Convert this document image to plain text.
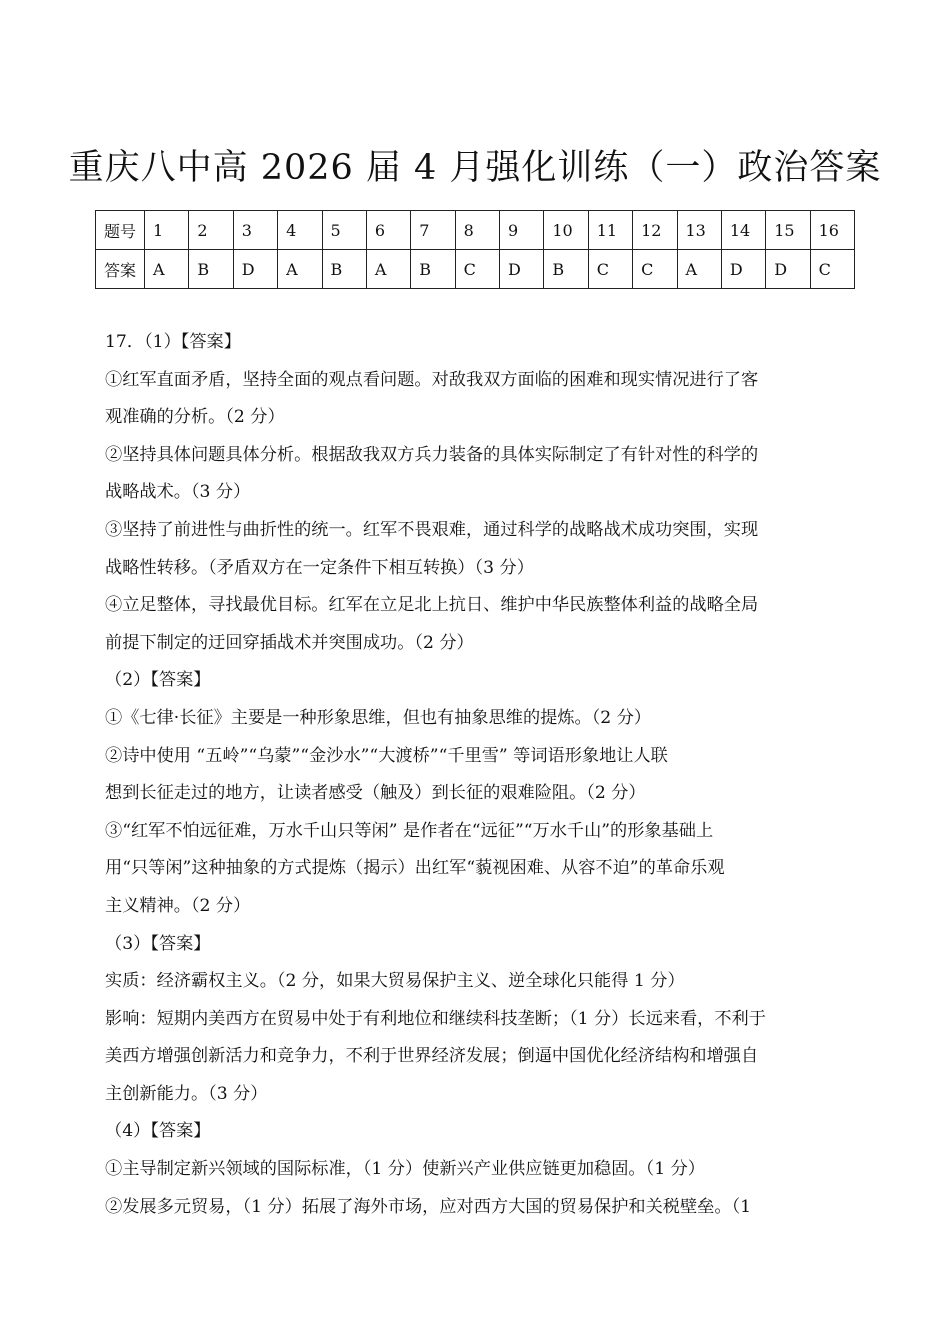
重庆八中高 2026 届 4 月强化训练（一）政治答案
题号	1	2	3	4	5	6	7	8	9	10	11	12	13	14	15	16
答案	A	B	D	A	B	A	B	C	D	B	C	C	A	D	D	C

17．（1）【答案】

①红军直面矛盾，坚持全面的观点看问题。对敌我双方面临的困难和现实情况进行了客

观准确的分析。（2 分）

②坚持具体问题具体分析。根据敌我双方兵力装备的具体实际制定了有针对性的科学的

战略战术。（3 分）

③坚持了前进性与曲折性的统一。红军不畏艰难，通过科学的战略战术成功突围，实现

战略性转移。（矛盾双方在一定条件下相互转换）（3 分）

④立足整体，寻找最优目标。红军在立足北上抗日、维护中华民族整体利益的战略全局

前提下制定的迂回穿插战术并突围成功。（2 分）

（2）【答案】

①《七律·长征》主要是一种形象思维，但也有抽象思维的提炼。（2 分）

②诗中使用 “五岭”“乌蒙”“金沙水”“大渡桥”“千里雪” 等词语形象地让人联

想到长征走过的地方，让读者感受（触及）到长征的艰难险阻。（2 分）

③“红军不怕远征难，万水千山只等闲” 是作者在“远征”“万水千山”的形象基础上

用“只等闲”这种抽象的方式提炼（揭示）出红军“藐视困难、从容不迫”的革命乐观

主义精神。（2 分）

（3）【答案】

实质：经济霸权主义。（2 分，如果大贸易保护主义、逆全球化只能得 1 分）

影响：短期内美西方在贸易中处于有利地位和继续科技垄断；（1 分）长远来看，不利于

美西方增强创新活力和竞争力，不利于世界经济发展；倒逼中国优化经济结构和增强自

主创新能力。（3 分）

（4）【答案】

①主导制定新兴领域的国际标准，（1 分）使新兴产业供应链更加稳固。（1 分）

②发展多元贸易，（1 分）拓展了海外市场，应对西方大国的贸易保护和关税壁垒。（1
